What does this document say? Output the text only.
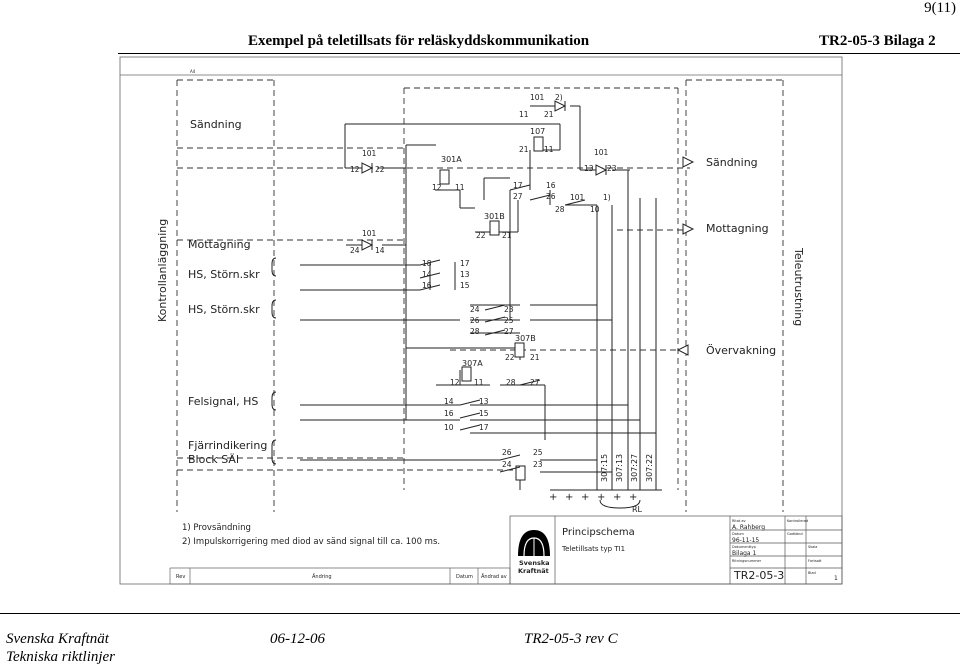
9(11)
Exempel på teletillsats för reläskyddskommunikation	TR2-05-3 Bilaga 2
A4
+ + + + + +
Kontrollanläggning	Teleutrustning
Sändning
Mottagning
HS, Störn.skr
HS, Störn.skr
Felsignal, HS
Fjärrindikering
Block SÄl
Sändning
Mottagning
Övervakning
301A
301B
307A
307B
107
RL
101
12 22
101
24 14
12 11
22 21
18	17
14	13
16	15
24	23
26	25
28	27
22 21
12 11	28 27
14	13
16	15
10	17
26	25
24	23
101 2)
11 21
21 11
17	16
27	26 101 1)
28	10
101
13 23
307:15 307:13 307:27 307:22
1) Provsändning
2) Impulskorrigering med diod av sänd signal till ca. 100 ms.
Rev	Ändring	Datum Ändrad av
Svenska
Kraftnät
Principschema
Teletillsats typ TI1
Ritat av
A. Rahberg
Datum
96-11-15
Dokumenttyp
Bilaga 1
Ritningsnummer
TR2-05-3
Kontrollerad
Godkänd
Skala
Fortsatt
Blad
1
Svenska Kraftnät
Tekniska riktlinjer
06-12-06	TR2-05-3 rev C
